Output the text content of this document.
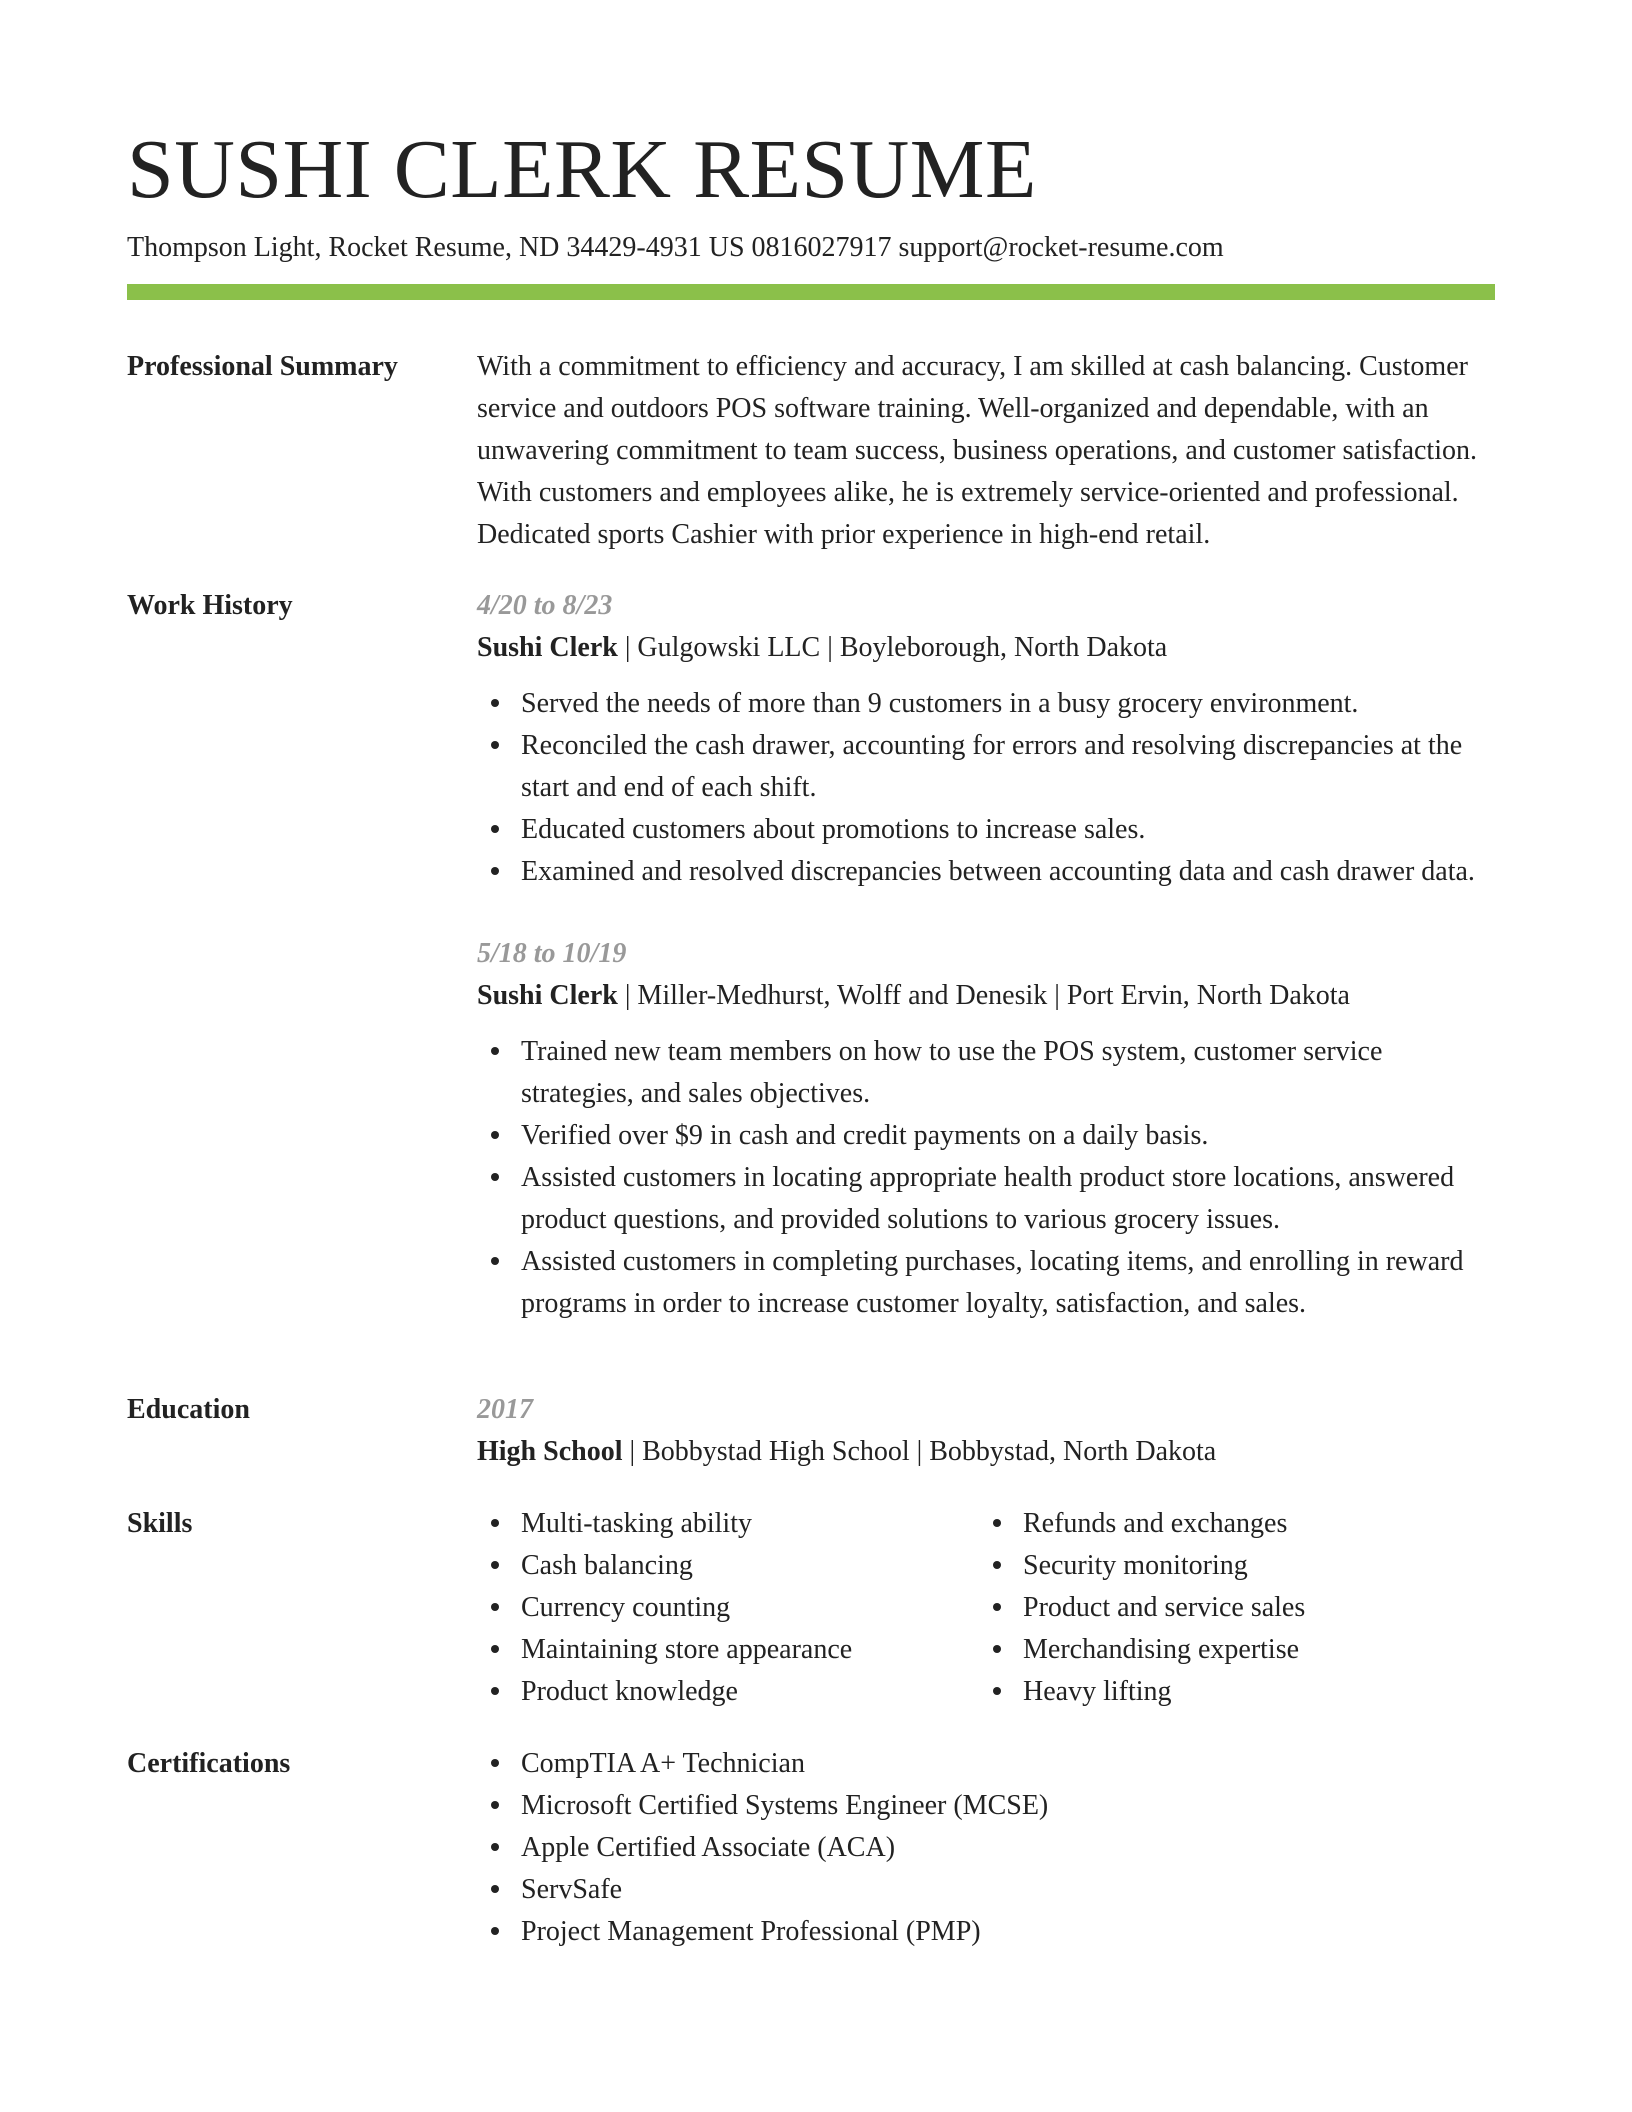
SUSHI CLERK RESUME
Thompson Light, Rocket Resume, ND 34429-4931 US 0816027917 support@rocket-resume.com
Professional Summary	With a commitment to efficiency and accuracy, I am skilled at cash balancing. Customer service and outdoors POS software training. Well-organized and dependable, with an unwavering commitment to team success, business operations, and customer satisfaction. With customers and employees alike, he is extremely service-oriented and professional. Dedicated sports Cashier with prior experience in high-end retail.

Work History	4/20 to 8/23
Sushi Clerk | Gulgowski LLC | Boyleborough, North Dakota
Served the needs of more than 9 customers in a busy grocery environment.
Reconciled the cash drawer, accounting for errors and resolving discrepancies at the start and end of each shift.
Educated customers about promotions to increase sales.
Examined and resolved discrepancies between accounting data and cash drawer data.
5/18 to 10/19
Sushi Clerk | Miller-Medhurst, Wolff and Denesik | Port Ervin, North Dakota
Trained new team members on how to use the POS system, customer service strategies, and sales objectives.
Verified over $9 in cash and credit payments on a daily basis.
Assisted customers in locating appropriate health product store locations, answered product questions, and provided solutions to various grocery issues.
Assisted customers in completing purchases, locating items, and enrolling in reward programs in order to increase customer loyalty, satisfaction, and sales.
Education	2017
High School | Bobbystad High School | Bobbystad, North Dakota
Skills	Multi-tasking ability
Cash balancing
Currency counting
Maintaining store appearance
Product knowledge
Refunds and exchanges
Security monitoring
Product and service sales
Merchandising expertise
Heavy lifting
Certifications	CompTIA A+ Technician
Microsoft Certified Systems Engineer (MCSE)
Apple Certified Associate (ACA)
ServSafe
Project Management Professional (PMP)
